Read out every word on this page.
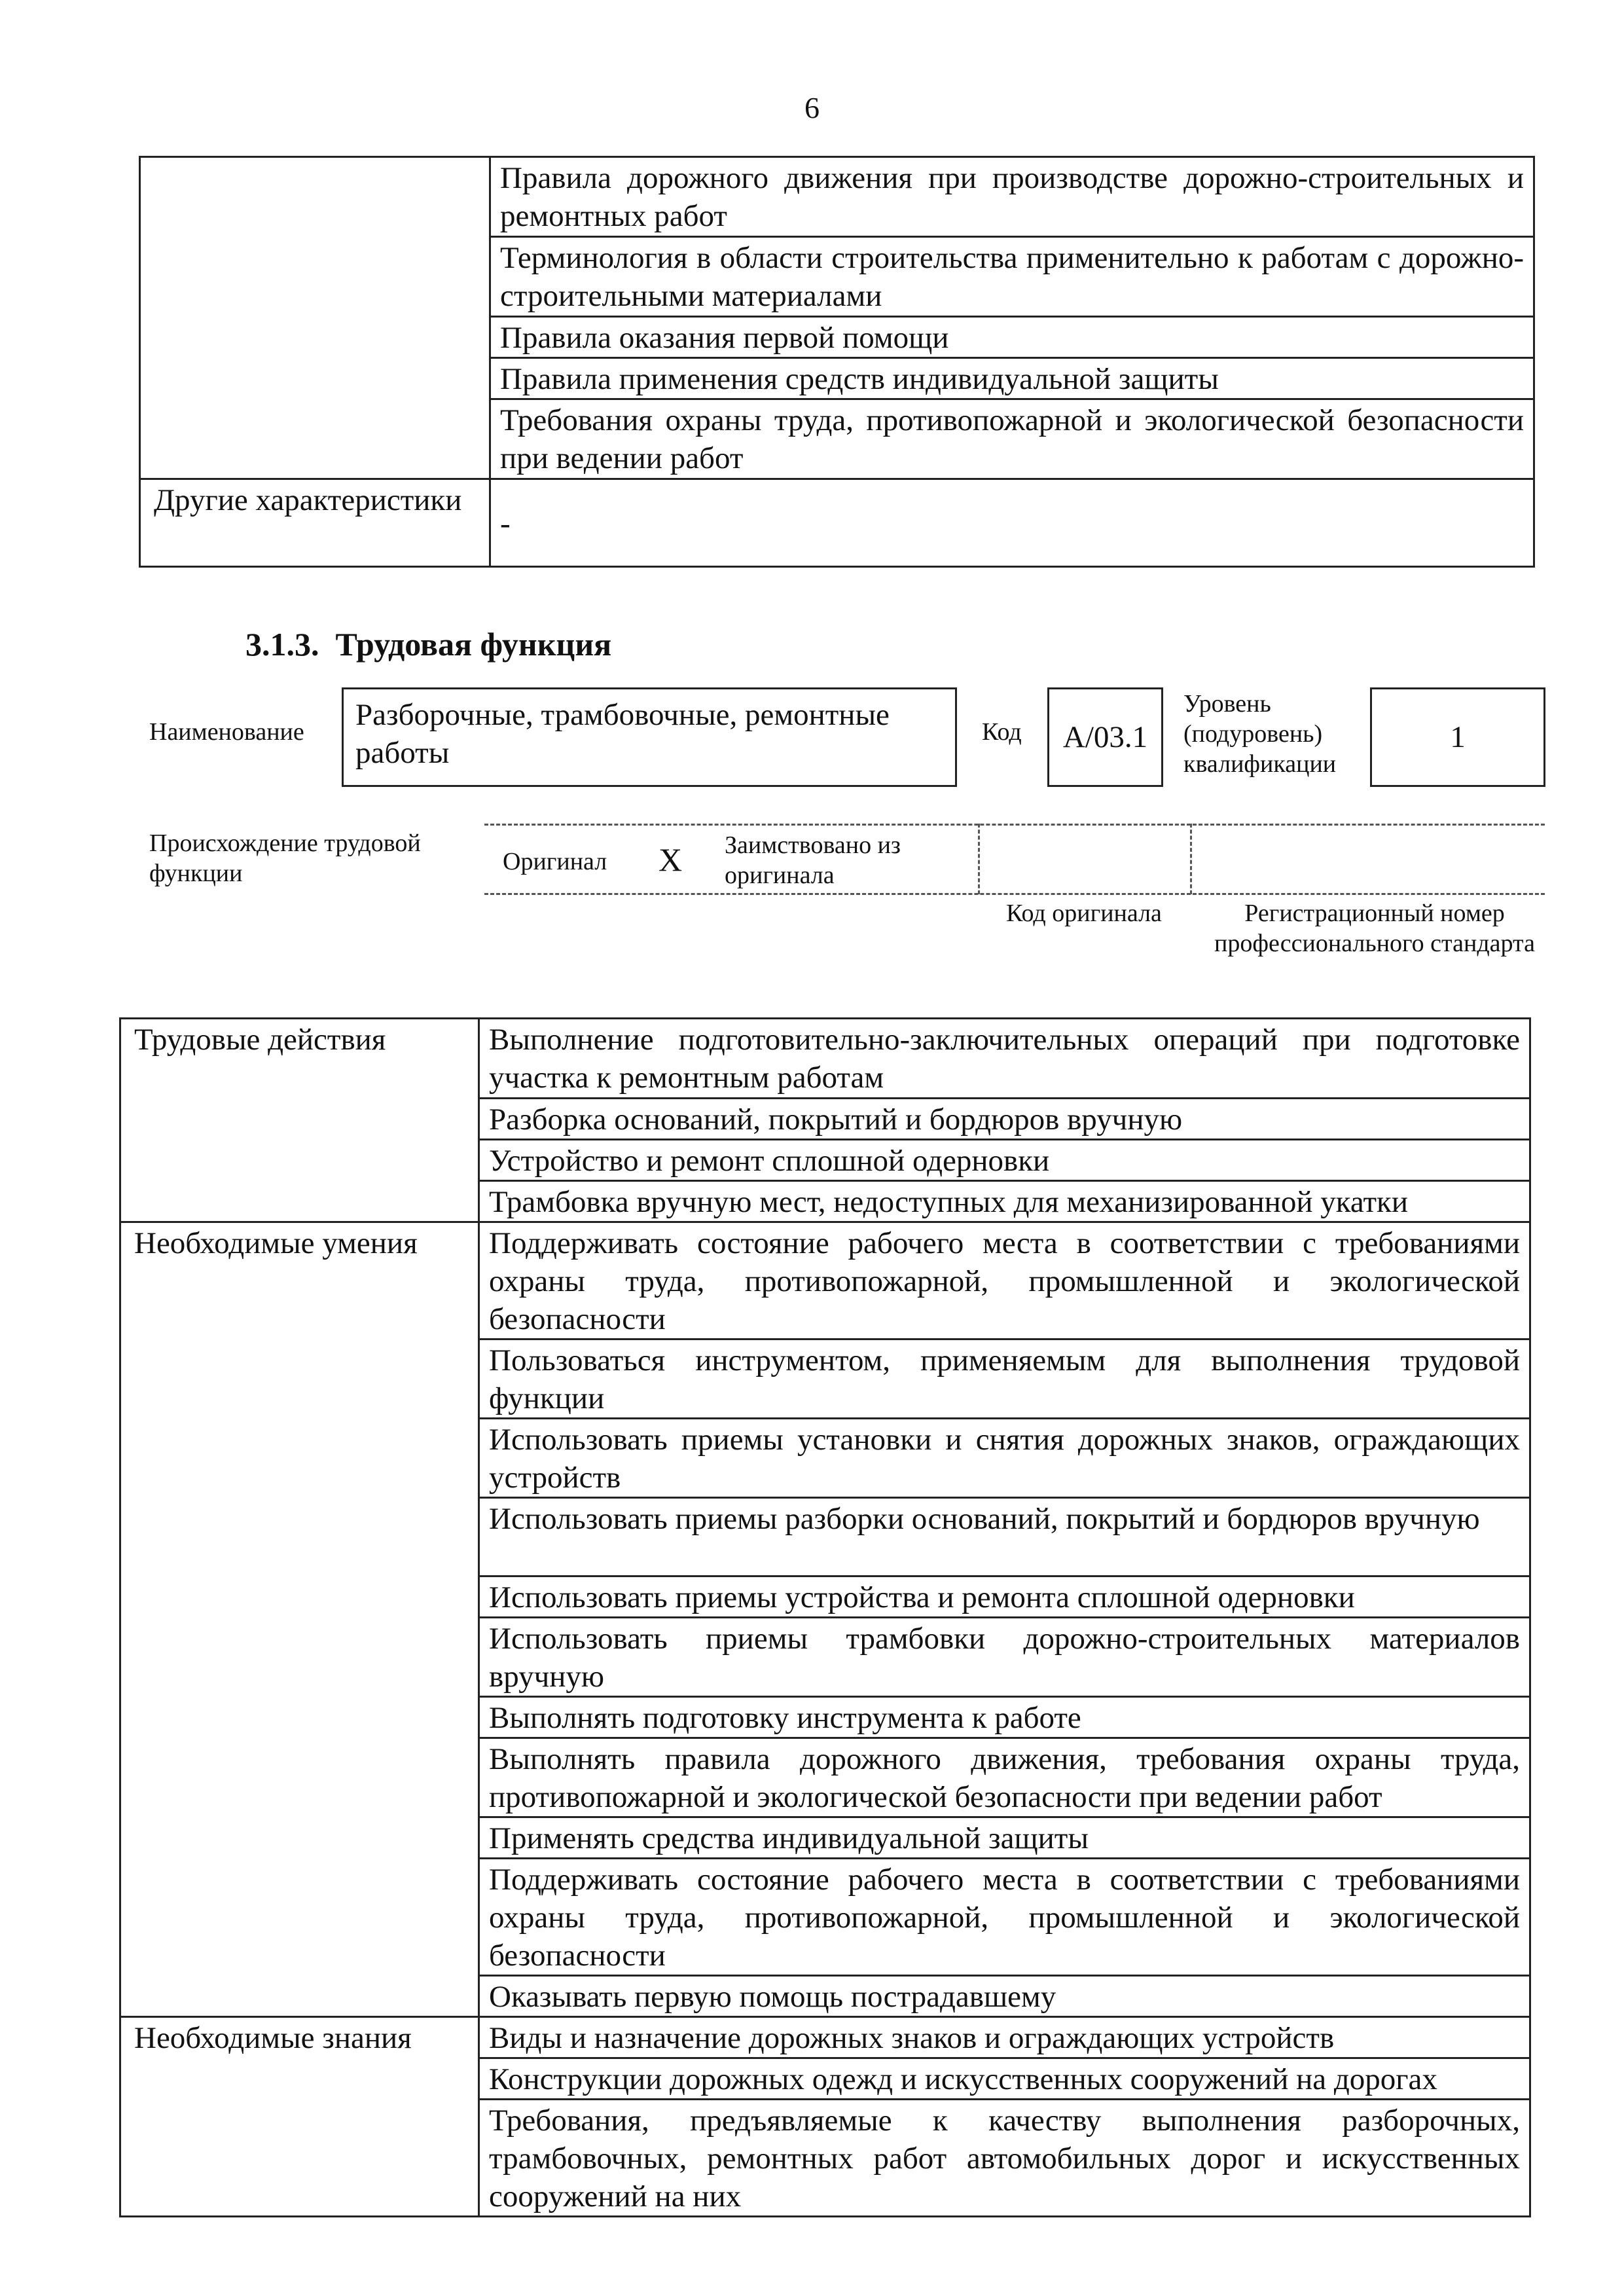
6
	Правила дорожного движения при производстве дорожно-строительных и ремонтных работ
	Терминология в области строительства применительно к работам с дорожно-строительными материалами
	Правила оказания первой помощи
	Правила применения средств индивидуальной защиты
	Требования охраны труда, противопожарной и экологической безопасности при ведении работ
Другие характеристики	-
3.1.3. Трудовая функция
Наименование	Разборочные, трамбовочные, ремонтные работы
Код	А/03.1
Уровень (подуровень) квалификации
1
Происхождение трудовой функции	Оригинал X Заимствовано из оригинала
Код оригинала	Регистрационный номер профессионального стандарта
Трудовые действия	Выполнение подготовительно-заключительных операций при подготовке участка к ремонтным работам
	Разборка оснований, покрытий и бордюров вручную
	Устройство и ремонт сплошной одерновки
	Трамбовка вручную мест, недоступных для механизированной укатки
Необходимые умения	Поддерживать состояние рабочего места в соответствии с требованиями охраны труда, противопожарной, промышленной и экологической безопасности
	Пользоваться инструментом, применяемым для выполнения трудовой функции
	Использовать приемы установки и снятия дорожных знаков, ограждающих устройств
	Использовать приемы разборки оснований, покрытий и бордюров вручную
	Использовать приемы устройства и ремонта сплошной одерновки
	Использовать приемы трамбовки дорожно-строительных материалов вручную
	Выполнять подготовку инструмента к работе
	Выполнять правила дорожного движения, требования охраны труда, противопожарной и экологической безопасности при ведении работ
	Применять средства индивидуальной защиты
	Поддерживать состояние рабочего места в соответствии с требованиями охраны труда, противопожарной, промышленной и экологической безопасности
	Оказывать первую помощь пострадавшему
Необходимые знания	Виды и назначение дорожных знаков и ограждающих устройств
	Конструкции дорожных одежд и искусственных сооружений на дорогах
	Требования, предъявляемые к качеству выполнения разборочных, трамбовочных, ремонтных работ автомобильных дорог и искусственных сооружений на них
